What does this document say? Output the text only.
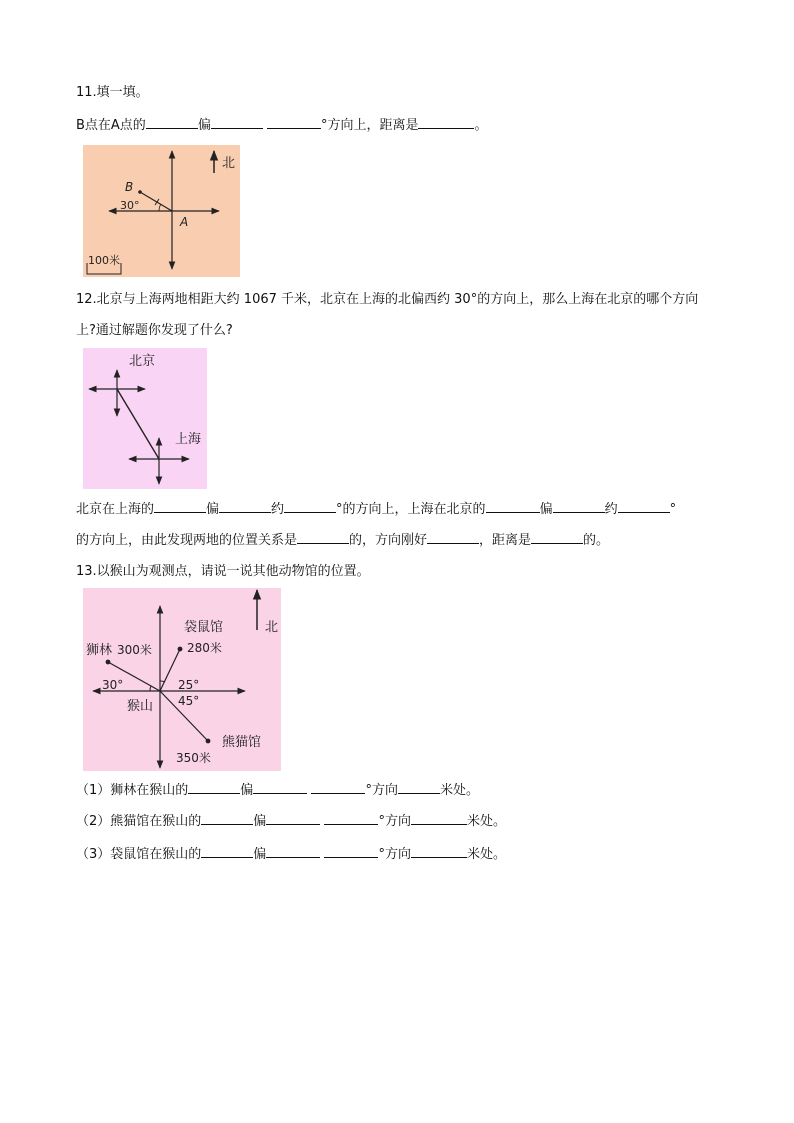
11.填一填。
B点在A点的	偏	°方向上，距离是	。
北
B
A
30°
100米
12.北京与上海两地相距大约 1067 千米，北京在上海的北偏西约 30°的方向上，那么上海在北京的哪个方向
上?通过解题你发现了什么?
北京
上海
北京在上海的	偏	约	°的方向上，上海在北京的	偏	约	°
的方向上，由此发现两地的位置关系是	的，方向刚好	，距离是	的。
13.以猴山为观测点，请说一说其他动物馆的位置。
北
袋鼠馆
280米
狮林 300米
30°	25°
45°
猴山
熊猫馆
350米
（1）狮林在猴山的	偏	°方向	米处。
（2）熊猫馆在猴山的	偏	°方向	米处。
（3）袋鼠馆在猴山的	偏	°方向	米处。
